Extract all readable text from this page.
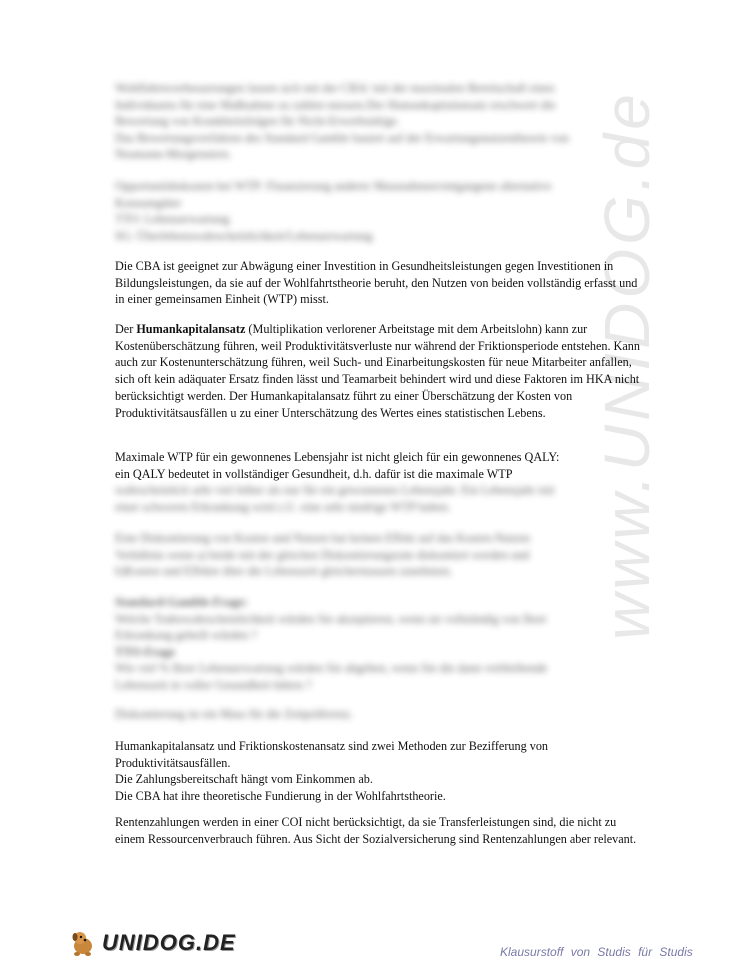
www.UNIDOG.de
Wohlfahrtsverbesserungen lassen sich mit der CBA/ mit der maximalen Bereitschaft eines
Individuums für eine Maßnahme zu zahlen messen.Der Humankapitalansatz erschwert die
Bewertung von Krankheitsfolgen für Nicht-Erwerbstätige.
Das Bewertungsverfahren des Standard Gamble basiert auf der Erwartungsnutzentheorie von
Neumann-Morgenstern.
Opportunitätskosten bei WTP: Finanzierung anderer Massnahmen/entgangene alternative
Konsumgüter
TTO: Lebenserwartung
SG: Überlebenswahrscheinlichkeit/Lebenserwartung

Die CBA ist geeignet zur Abwägung einer Investition in Gesundheitsleistungen gegen Investitionen in Bildungsleistungen, da sie auf der Wohlfahrtstheorie beruht, den Nutzen von beiden vollständig erfasst und in einer gemeinsamen Einheit (WTP) misst.

Der Humankapitalansatz (Multiplikation verlorener Arbeitstage mit dem Arbeitslohn) kann zur Kostenüberschätzung führen, weil Produktivitätsverluste nur während der Friktionsperiode entstehen. Kann auch zur Kostenunterschätzung führen, weil Such- und Einarbeitungskosten für neue Mitarbeiter anfallen, sich oft kein adäquater Ersatz finden lässt und Teamarbeit behindert wird und diese Faktoren im HKA nicht berücksichtigt werden. Der Humankapitalansatz führt zu einer Überschätzung der Kosten von Produktivitätsausfällen u zu einer Unterschätzung des Wertes eines statistischen Lebens.

Maximale WTP für ein gewonnenes Lebensjahr ist nicht gleich für ein gewonnenes QALY:

ein QALY bedeutet in vollständiger Gesundheit, d.h. dafür ist die maximale WTP

wahrscheinlich sehr viel höher als nur für ein gewonnenes Lebensjahr. Ein Lebensjahr mit
einer schweren Erkrankung wird z.U. eine sehr niedrige WTP haben.
Eine Diskontierung von Kosten und Nutzen hat keinen Effekt auf das Kosten-Nutzen
Verhältnis wenn a) beide mit der gleichen Diskontierungsrate diskontiert werden und
b)Kosten und Effekte über die Lebenszeit gleichermassen zunehmen.
Standard-Gamble-Frage:
Welche Todeswahrscheinlichkeit würden Sie akzeptieren, wenn sie vollständig von Ihrer
Erkrankung geheilt würden ?
TTO-Frage
Wie viel % Ihrer Lebenserwartung würden Sie abgeben, wenn Sie die dann verbleibende
Lebenszeit in voller Gesundheit hätten ?
Diskontierung ist ein Mass für die Zeitpräferenz.

Humankapitalansatz und Friktionskostenansatz sind zwei Methoden zur Bezifferung von Produktivitätsausfällen.

Die Zahlungsbereitschaft hängt vom Einkommen ab.

Die CBA hat ihre theoretische Fundierung in der Wohlfahrtstheorie.

Rentenzahlungen werden in einer COI nicht berücksichtigt, da sie Transferleistungen sind, die nicht zu einem Ressourcenverbrauch führen. Aus Sicht der Sozialversicherung sind Rentenzahlungen aber relevant.

UNIDOG.DE	Klausurstoff von Studis für Studis
